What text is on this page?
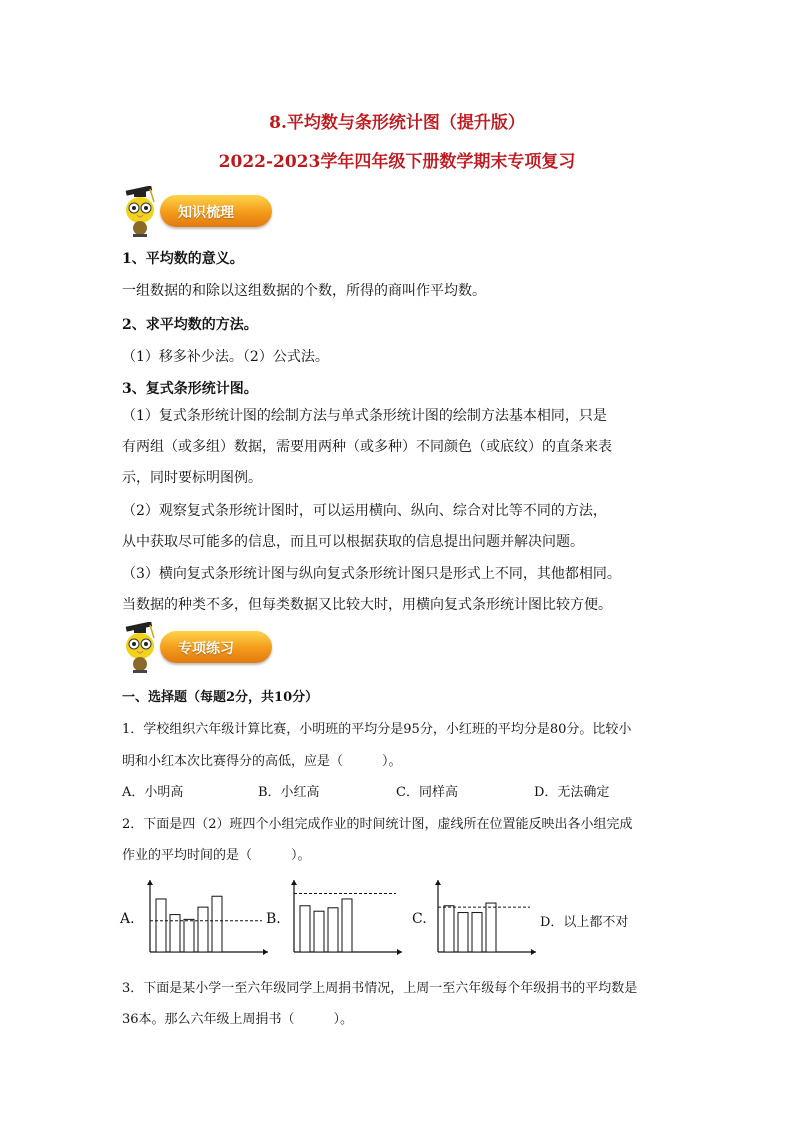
8.平均数与条形统计图（提升版）
2022-2023学年四年级下册数学期末专项复习
知识梳理
1、平均数的意义。
一组数据的和除以这组数据的个数，所得的商叫作平均数。
2、求平均数的方法。
（1）移多补少法。（2）公式法。
3、复式条形统计图。
（1）复式条形统计图的绘制方法与单式条形统计图的绘制方法基本相同，只是
有两组（或多组）数据，需要用两种（或多种）不同颜色（或底纹）的直条来表
示，同时要标明图例。
（2）观察复式条形统计图时，可以运用横向、纵向、综合对比等不同的方法，
从中获取尽可能多的信息，而且可以根据获取的信息提出问题并解决问题。
（3）横向复式条形统计图与纵向复式条形统计图只是形式上不同，其他都相同。
当数据的种类不多，但每类数据又比较大时，用横向复式条形统计图比较方便。
专项练习
一、选择题（每题2分，共10分）
1．学校组织六年级计算比赛，小明班的平均分是95分，小红班的平均分是80分。比较小
明和小红本次比赛得分的高低，应是（　　　）。
A．小明高	B．小红高	C．同样高	D．无法确定
2．下面是四（2）班四个小组完成作业的时间统计图，虚线所在位置能反映出各小组完成
作业的平均时间的是（　　　）。
A.	B.	C.	D．以上都不对
3．下面是某小学一至六年级同学上周捐书情况，上周一至六年级每个年级捐书的平均数是
36本。那么六年级上周捐书（　　　）。
